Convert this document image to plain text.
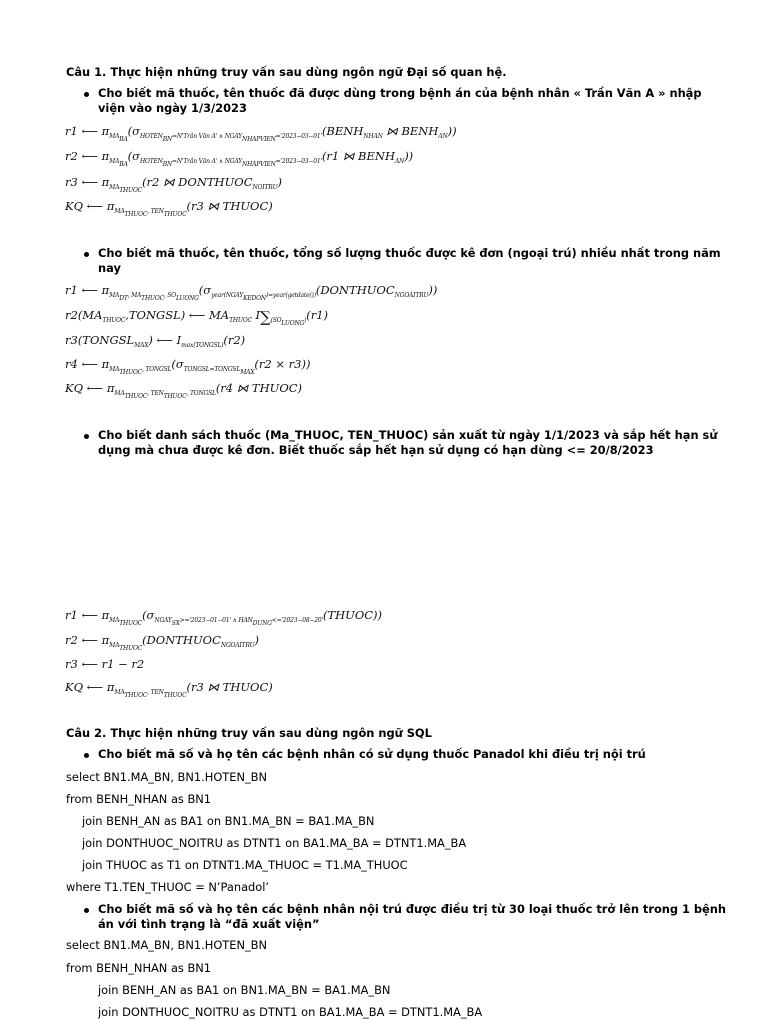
Câu 1. Thực hiện những truy vấn sau dùng ngôn ngữ Đại số quan hệ.
Cho biết mã thuốc, tên thuốc đã được dùng trong bệnh án của bệnh nhân « Trần Văn A » nhập
viện vào ngày 1/3/2023
r1 ⟵ $\pi_{MA_{BA}}(\sigma_{HOTEN_{BN}=N'Trần Văn A' \wedge NGAY_{NHAPVIEN}='2023-03-01'}(BENH_{NHAN}$ ⋈ $BENH_{AN}$))
r2 ⟵ $\pi_{MA_{BA}}(\sigma_{HOTEN_{BN}=N'Trần Văn A' \wedge NGAY_{NHAPVIEN}='2023-03-01'}(r1$ ⋈ $BENH_{AN}$))
r3 ⟵ $\pi_{MA_{THUOC}}(r2$ ⋈ $DONTHUOC_{NOITRU}$)
KQ ⟵ $\pi_{MA_{THUOC}, TEN_{THUOC}}(r3$ ⋈ THUOC)
Cho biết mã thuốc, tên thuốc, tổng số lượng thuốc được kê đơn (ngoại trú) nhiều nhất trong năm
nay
r1 ⟵ $\pi_{MA_{DT}, MA_{THUOC}, SO_{LUONG}}(\sigma_{year(NGAY_{KEDON})=year(getdate())}(DONTHUOC_{NGOAITRU}))$
$r2(MA_{THUOC},TONGSL)$ ⟵ $MA_{THUOC}$ $I_{\sum(SO_{LUONG})}(r1)$
$r3(TONGSL_{MAX})$ ⟵ $I_{max(TONGSL)}(r2)$
r4 ⟵ $\pi_{MA_{THUOC}, TONGSL}(\sigma_{TONGSL=TONGSL_{MAX}}(r2 \times r3))$
KQ ⟵ $\pi_{MA_{THUOC}, TEN_{THUOC}, TONGSL}(r4$ ⋈ THUOC)
Cho biết danh sách thuốc (Ma_THUOC, TEN_THUOC) sản xuất từ ngày 1/1/2023 và sắp hết hạn sử
dụng mà chưa được kê đơn. Biết thuốc sắp hết hạn sử dụng có hạn dùng <= 20/8/2023
r1 ⟵ $\pi_{MA_{THUOC}}(\sigma_{NGAY_{SX}>='2023-01-01' \wedge HAN_{DUNG}<='2023-08-20'}(THUOC))$
r2 ⟵ $\pi_{MA_{THUOC}}(DONTHUOC_{NGOAITRU})$
r3 ⟵ r1 − r2
KQ ⟵ $\pi_{MA_{THUOC}, TEN_{THUOC}}(r3$ ⋈ THUOC)
Câu 2. Thực hiện những truy vấn sau dùng ngôn ngữ SQL
Cho biết mã số và họ tên các bệnh nhân có sử dụng thuốc Panadol khi điều trị nội trú
select BN1.MA_BN, BN1.HOTEN_BN
from BENH_NHAN as BN1
join BENH_AN as BA1 on BN1.MA_BN = BA1.MA_BN
join DONTHUOC_NOITRU as DTNT1 on BA1.MA_BA = DTNT1.MA_BA
join THUOC as T1 on DTNT1.MA_THUOC = T1.MA_THUOC
where T1.TEN_THUOC = N’Panadol’
Cho biết mã số và họ tên các bệnh nhân nội trú được điều trị từ 30 loại thuốc trở lên trong 1 bệnh
án với tình trạng là “đã xuất viện”
select BN1.MA_BN, BN1.HOTEN_BN
from BENH_NHAN as BN1
join BENH_AN as BA1 on BN1.MA_BN = BA1.MA_BN
join DONTHUOC_NOITRU as DTNT1 on BA1.MA_BA = DTNT1.MA_BA
